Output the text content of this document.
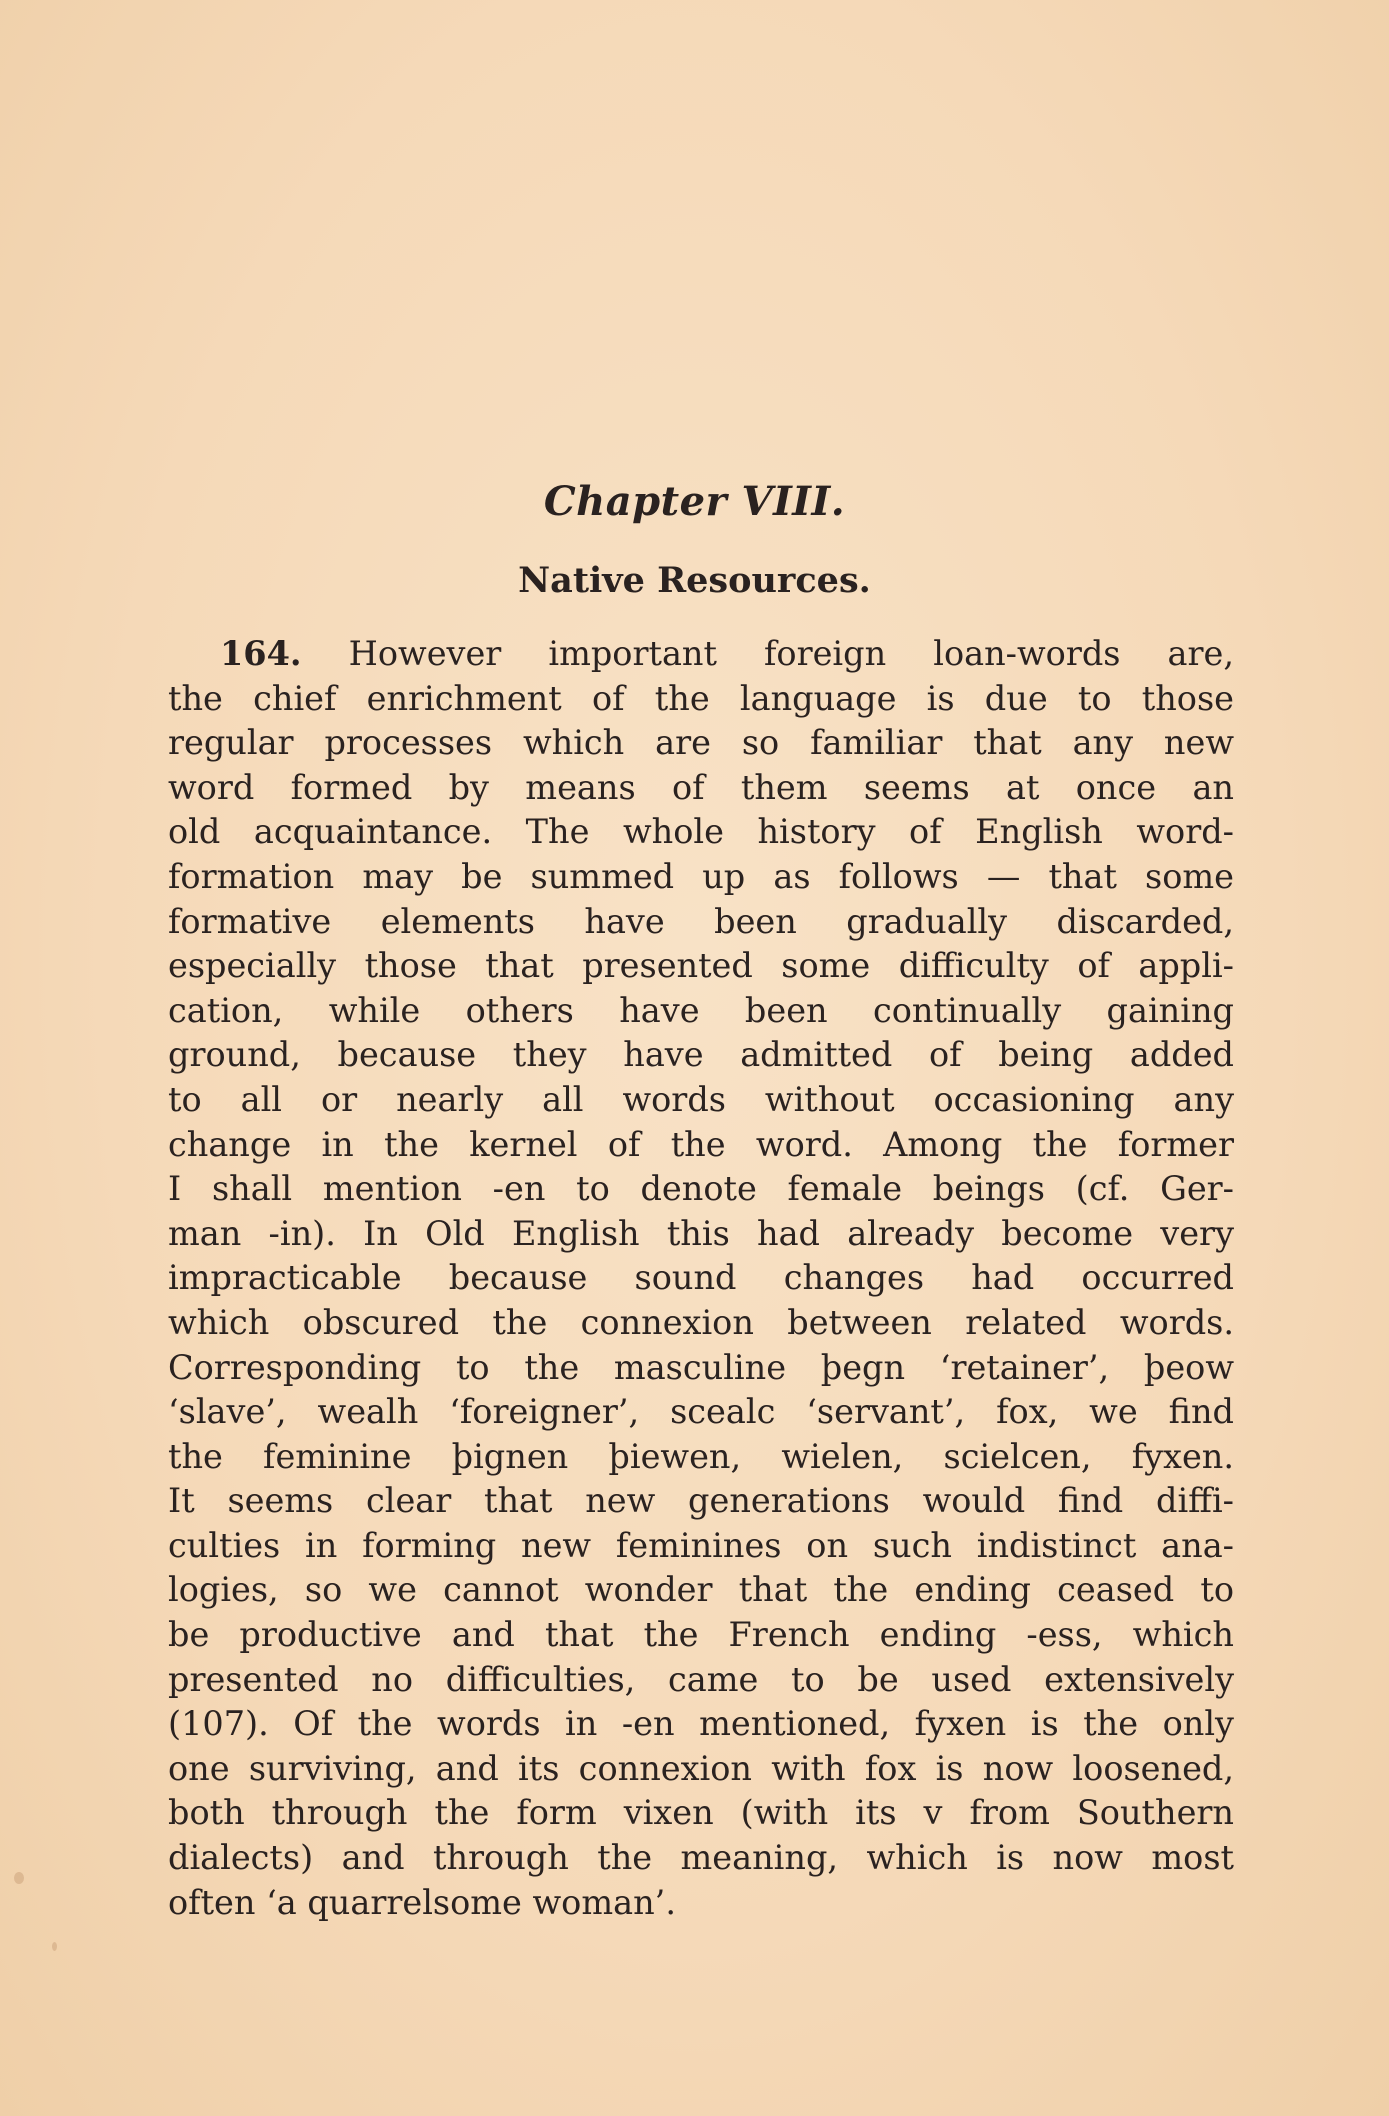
Chapter VIII.
Native Resources.
164. However important foreign loan-words are,
the chief enrichment of the language is due to those
regular processes which are so familiar that any new
word formed by means of them seems at once an
old acquaintance. The whole history of English word-
formation may be summed up as follows — that some
formative elements have been gradually discarded,
especially those that presented some difficulty of appli-
cation, while others have been continually gaining
ground, because they have admitted of being added
to all or nearly all words without occasioning any
change in the kernel of the word. Among the former
I shall mention -en to denote female beings (cf. Ger-
man -in). In Old English this had already become very
impracticable because sound changes had occurred
which obscured the connexion between related words.
Corresponding to the masculine þegn ‘retainer’, þeow
‘slave’, wealh ‘foreigner’, scealc ‘servant’, fox, we find
the feminine þignen þiewen, wielen, scielcen, fyxen.
It seems clear that new generations would find diffi-
culties in forming new feminines on such indistinct ana-
logies, so we cannot wonder that the ending ceased to
be productive and that the French ending -ess, which
presented no difficulties, came to be used extensively
(107). Of the words in -en mentioned, fyxen is the only
one surviving, and its connexion with fox is now loosened,
both through the form vixen (with its v from Southern
dialects) and through the meaning, which is now most
often ‘a quarrelsome woman’.
